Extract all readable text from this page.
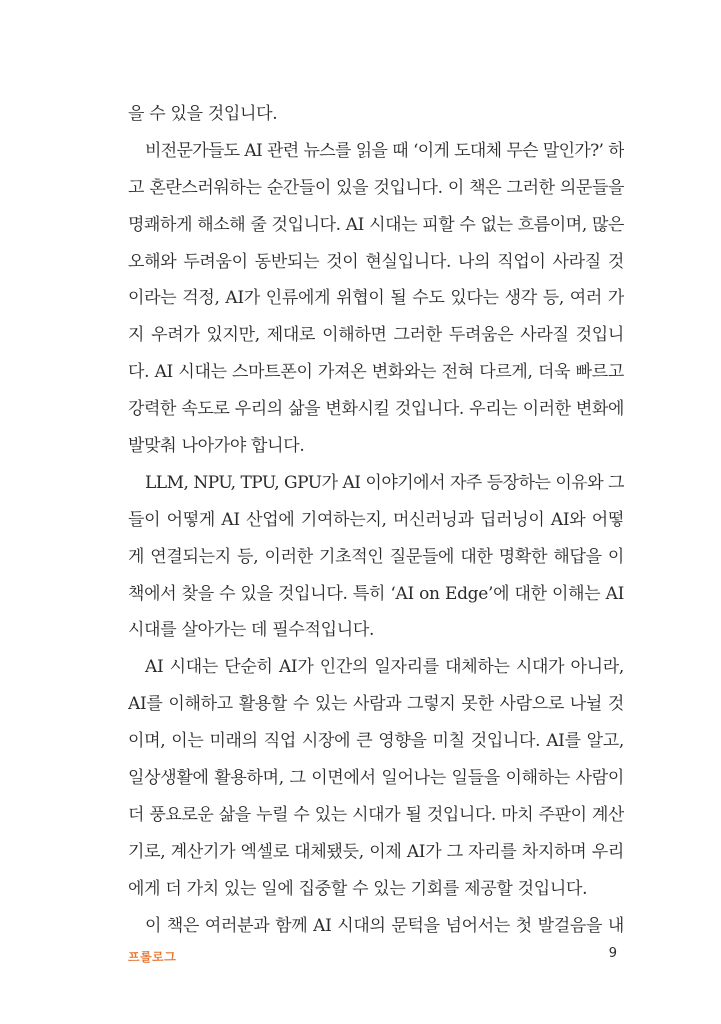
을 수 있을 것입니다.
비전문가들도 AI 관련 뉴스를 읽을 때 ‘이게 도대체 무슨 말인가?’ 하
고 혼란스러워하는 순간들이 있을 것입니다. 이 책은 그러한 의문들을
명쾌하게 해소해 줄 것입니다. AI 시대는 피할 수 없는 흐름이며, 많은
오해와 두려움이 동반되는 것이 현실입니다. 나의 직업이 사라질 것
이라는 걱정, AI가 인류에게 위협이 될 수도 있다는 생각 등, 여러 가
지 우려가 있지만, 제대로 이해하면 그러한 두려움은 사라질 것입니
다. AI 시대는 스마트폰이 가져온 변화와는 전혀 다르게, 더욱 빠르고
강력한 속도로 우리의 삶을 변화시킬 것입니다. 우리는 이러한 변화에
발맞춰 나아가야 합니다.
LLM, NPU, TPU, GPU가 AI 이야기에서 자주 등장하는 이유와 그
들이 어떻게 AI 산업에 기여하는지, 머신러닝과 딥러닝이 AI와 어떻
게 연결되는지 등, 이러한 기초적인 질문들에 대한 명확한 해답을 이
책에서 찾을 수 있을 것입니다. 특히 ‘AI on Edge’에 대한 이해는 AI
시대를 살아가는 데 필수적입니다.
AI 시대는 단순히 AI가 인간의 일자리를 대체하는 시대가 아니라,
AI를 이해하고 활용할 수 있는 사람과 그렇지 못한 사람으로 나뉠 것
이며, 이는 미래의 직업 시장에 큰 영향을 미칠 것입니다. AI를 알고,
일상생활에 활용하며, 그 이면에서 일어나는 일들을 이해하는 사람이
더 풍요로운 삶을 누릴 수 있는 시대가 될 것입니다. 마치 주판이 계산
기로, 계산기가 엑셀로 대체됐듯, 이제 AI가 그 자리를 차지하며 우리
에게 더 가치 있는 일에 집중할 수 있는 기회를 제공할 것입니다.
이 책은 여러분과 함께 AI 시대의 문턱을 넘어서는 첫 발걸음을 내
프롤로그	9
